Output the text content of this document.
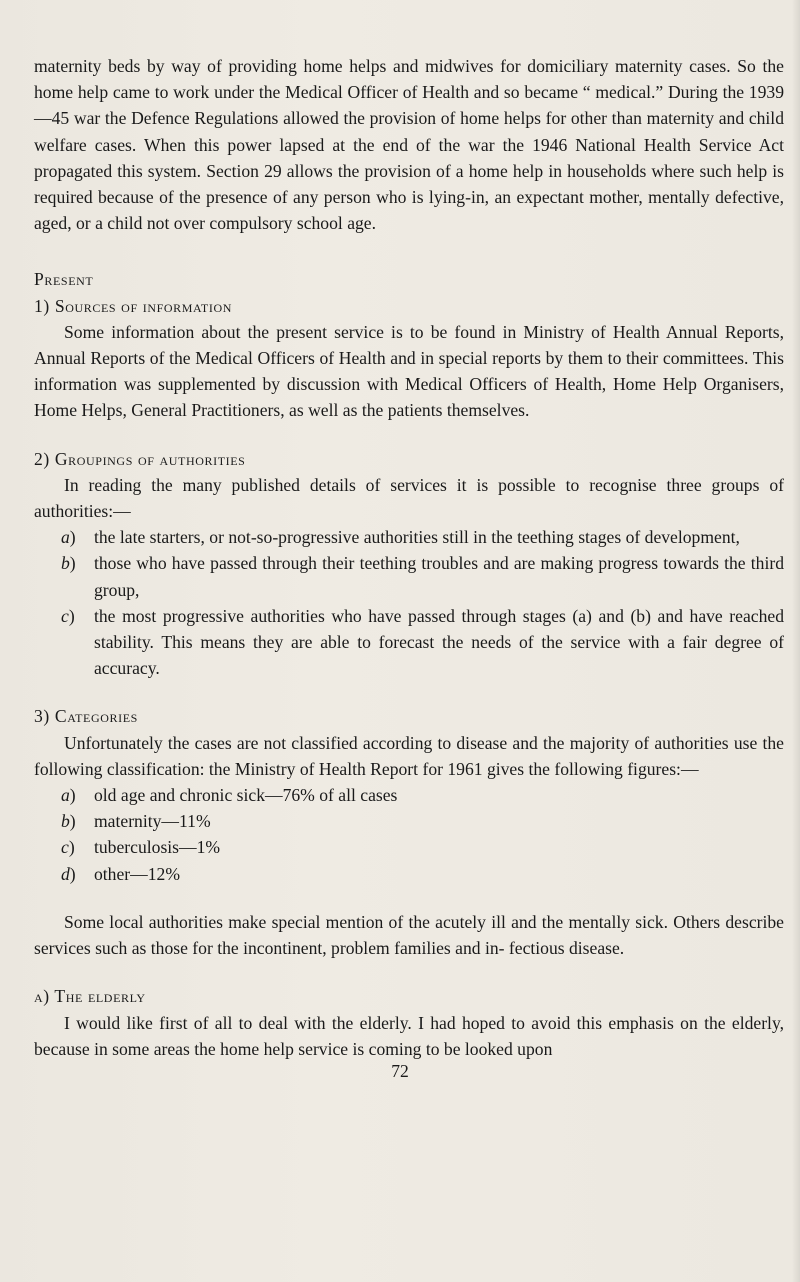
maternity beds by way of providing home helps and midwives for domiciliary maternity cases. So the home help came to work under the Medical Officer of Health and so became “ medical.” During the 1939—45 war the Defence Regulations allowed the provision of home helps for other than maternity and child welfare cases. When this power lapsed at the end of the war the 1946 National Health Service Act propagated this system. Section 29 allows the provision of a home help in households where such help is required because of the presence of any person who is lying-in, an expectant mother, mentally defective, aged, or a child not over compulsory school age.

Present

1) Sources of information

Some information about the present service is to be found in Ministry of Health Annual Reports, Annual Reports of the Medical Officers of Health and in special reports by them to their committees. This information was supplemented by discussion with Medical Officers of Health, Home Help Organisers, Home Helps, General Practitioners, as well as the patients themselves.

2) Groupings of authorities

In reading the many published details of services it is possible to recognise three groups of authorities:—

a)	the late starters, or not-so-progressive authorities still in the teething stages of development,
b)	those who have passed through their teething troubles and are making progress towards the third group,
c)	the most progressive authorities who have passed through stages (a) and (b) and have reached stability. This means they are able to forecast the needs of the service with a fair degree of accuracy.

3) Categories

Unfortunately the cases are not classified according to disease and the majority of authorities use the following classification: the Ministry of Health Report for 1961 gives the following figures:—

a)	old age and chronic sick—76% of all cases
b)	maternity—11%
c)	tuberculosis—1%
d)	other—12%

Some local authorities make special mention of the acutely ill and the mentally sick. Others describe services such as those for the incontinent, problem families and in- fectious disease.

a) The elderly

I would like first of all to deal with the elderly. I had hoped to avoid this emphasis on the elderly, because in some areas the home help service is coming to be looked upon

72
